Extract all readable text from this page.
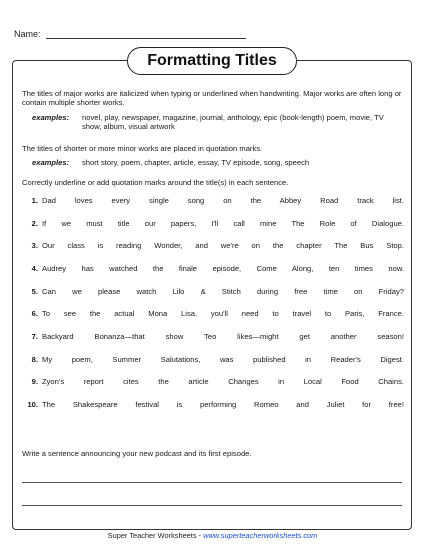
Name:
Formatting Titles

The titles of major works are italicized when typing or underlined when handwriting. Major works are often long or contain multiple shorter works.

examples:	novel, play, newspaper, magazine, journal, anthology, epic (book-length) poem, movie, TV show, album, visual artwork

The titles of shorter or more minor works are placed in quotation marks.

examples:	short story, poem, chapter, article, essay, TV episode, song, speech

Correctly underline or add quotation marks around the title(s) in each sentence.

1. Dad loves every single song on the Abbey Road track list.
2. If we must title our papers, I'll call mine The Role of Dialogue.
3. Our class is reading Wonder, and we're on the chapter The Bus Stop.
4. Audrey has watched the finale episode, Come Along, ten times now.
5. Can we please watch Lilo & Stitch during free time on Friday?
6. To see the actual Mona Lisa, you'll need to travel to Paris, France.
7. Backyard Bonanza—that show Teo likes—might get another season!
8. My poem, Summer Salutations, was published in Reader's Digest.
9. Zyon's report cites the article Changes in Local Food Chains.
10. The Shakespeare festival is performing Romeo and Juliet for free!
Write a sentence announcing your new podcast and its first episode.
Super Teacher Worksheets - www.superteacherworksheets.com
